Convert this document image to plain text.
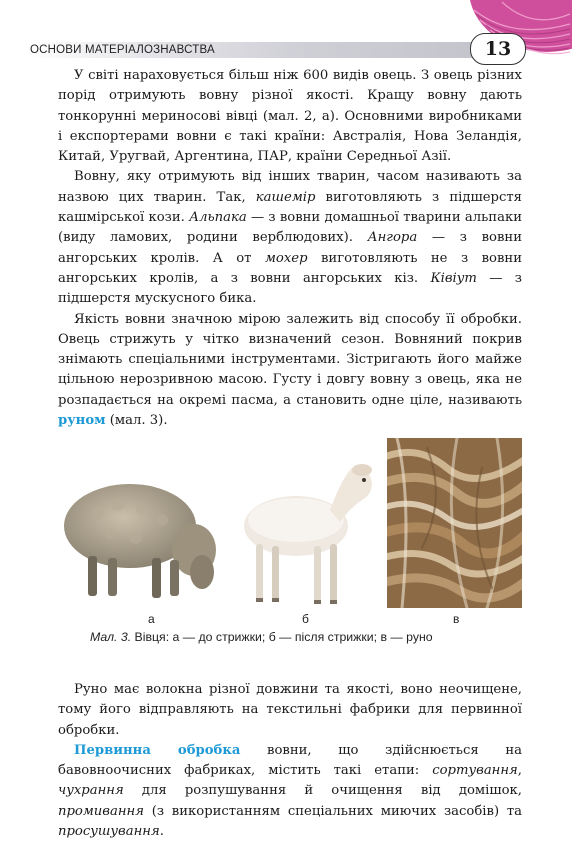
ОСНОВИ МАТЕРІАЛОЗНАВСТВА	13

У світі нараховується більш ніж 600 видів овець. З овець різних порід отримують вовну різної якості. Кращу вовну дають тонкорунні мериносові вівці (мал. 2, а). Основними виробниками і експортерами вовни є такі країни: Австралія, Нова Зеландія, Китай, Уругвай, Аргентина, ПАР, країни Середньої Азії.

Вовну, яку отримують від інших тварин, часом називають за назвою цих тварин. Так, кашемір виготовляють з підшерстя кашмірської кози. Альпака — з вовни домашньої тварини альпаки (виду ламових, родини верблюдових). Ангора — з вовни ангорських кролів. А от мохер виготовляють не з вовни ангорських кролів, а з вовни ангорських кіз. Ківіут — з підшерстя мускусного бика.

Якість вовни значною мірою залежить від способу її обробки. Овець стрижуть у чітко визначений сезон. Вовняний покрив знімають спеціальними інструментами. Зістригають його майже цільною нерозривною масою. Густу і довгу вовну з овець, яка не розпадається на окремі пасма, а становить одне ціле, називають руном (мал. 3).

а	б	в
Мал. 3. Вівця: а — до стрижки; б — після стрижки; в — руно

Руно має волокна різної довжини та якості, воно неочищене, тому його відправляють на текстильні фабрики для первинної обробки.

Первинна обробка вовни, що здійснюється на бавовноочисних фабриках, містить такі етапи: сортування, чухрання для розпушування й очищення від домішок, промивання (з використанням спеціальних миючих засобів) та просушування.
